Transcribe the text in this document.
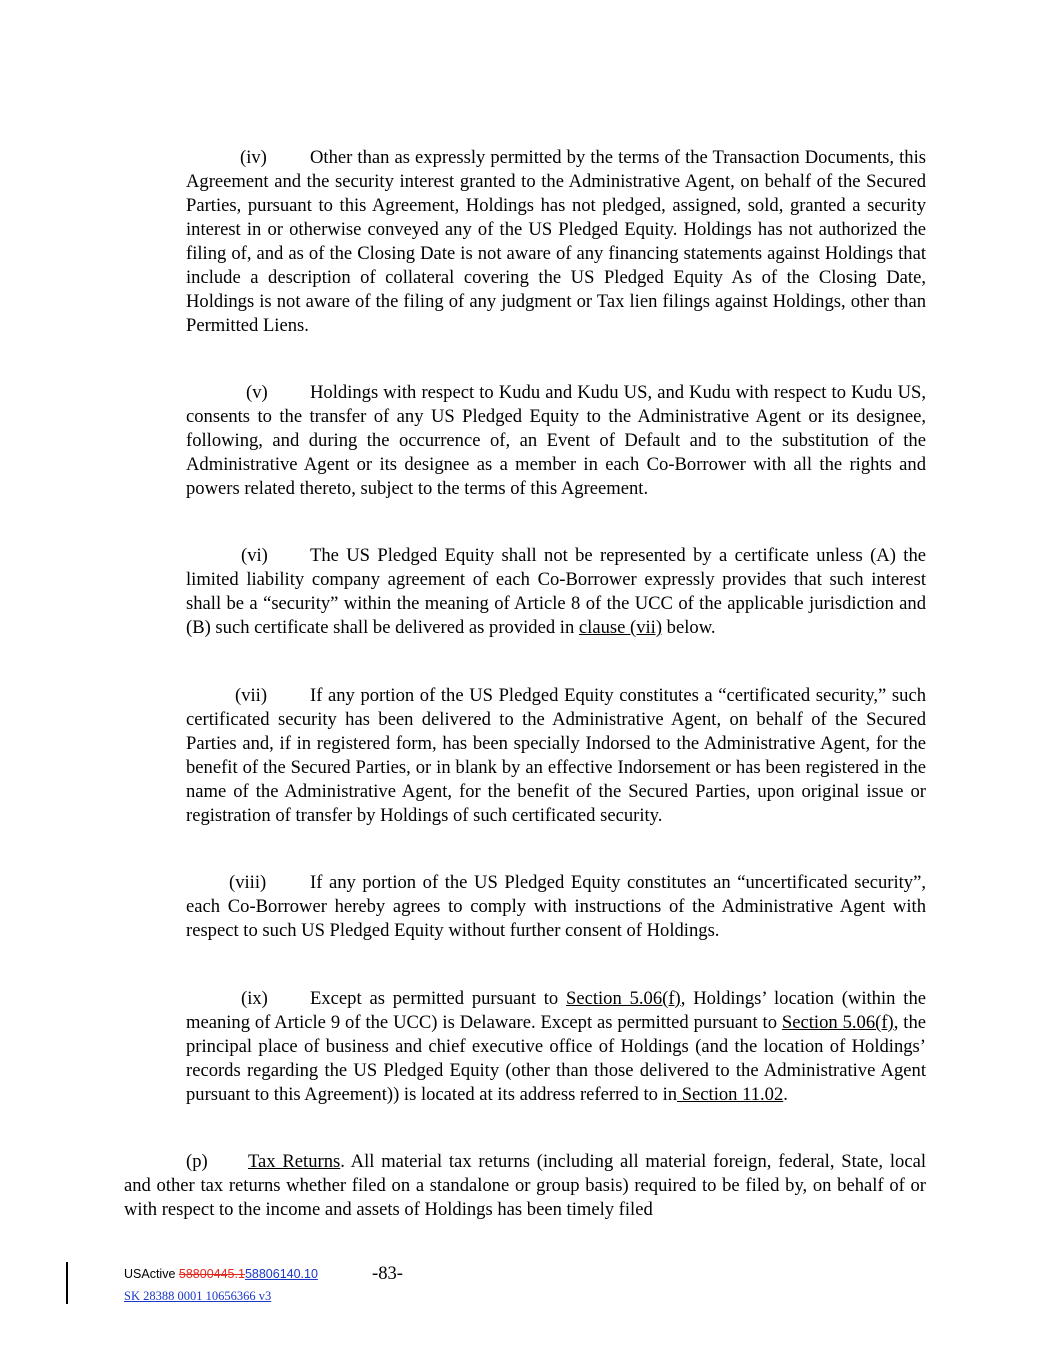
(iv) Other than as expressly permitted by the terms of the Transaction Documents, this Agreement and the security interest granted to the Administrative Agent, on behalf of the Secured Parties, pursuant to this Agreement, Holdings has not pledged, assigned, sold, granted a security interest in or otherwise conveyed any of the US Pledged Equity. Holdings has not authorized the filing of, and as of the Closing Date is not aware of any financing statements against Holdings that include a description of collateral covering the US Pledged Equity As of the Closing Date, Holdings is not aware of the filing of any judgment or Tax lien filings against Holdings, other than Permitted Liens.

(v) Holdings with respect to Kudu and Kudu US, and Kudu with respect to Kudu US, consents to the transfer of any US Pledged Equity to the Administrative Agent or its designee, following, and during the occurrence of, an Event of Default and to the substitution of the Administrative Agent or its designee as a member in each Co-Borrower with all the rights and powers related thereto, subject to the terms of this Agreement.

(vi) The US Pledged Equity shall not be represented by a certificate unless (A) the limited liability company agreement of each Co-Borrower expressly provides that such interest shall be a “security” within the meaning of Article 8 of the UCC of the applicable jurisdiction and (B) such certificate shall be delivered as provided in clause (vii) below.

(vii) If any portion of the US Pledged Equity constitutes a “certificated security,” such certificated security has been delivered to the Administrative Agent, on behalf of the Secured Parties and, if in registered form, has been specially Indorsed to the Administrative Agent, for the benefit of the Secured Parties, or in blank by an effective Indorsement or has been registered in the name of the Administrative Agent, for the benefit of the Secured Parties, upon original issue or registration of transfer by Holdings of such certificated security.

(viii) If any portion of the US Pledged Equity constitutes an “uncertificated security”, each Co-Borrower hereby agrees to comply with instructions of the Administrative Agent with respect to such US Pledged Equity without further consent of Holdings.

(ix) Except as permitted pursuant to Section 5.06(f), Holdings’ location (within the meaning of Article 9 of the UCC) is Delaware. Except as permitted pursuant to Section 5.06(f), the principal place of business and chief executive office of Holdings (and the location of Holdings’ records regarding the US Pledged Equity (other than those delivered to the Administrative Agent pursuant to this Agreement)) is located at its address referred to in Section 11.02.

(p) Tax Returns. All material tax returns (including all material foreign, federal, State, local and other tax returns whether filed on a standalone or group basis) required to be filed by, on behalf of or with respect to the income and assets of Holdings has been timely filed

USActive 58800445.158806140.10	-83-
SK 28388 0001 10656366 v3
